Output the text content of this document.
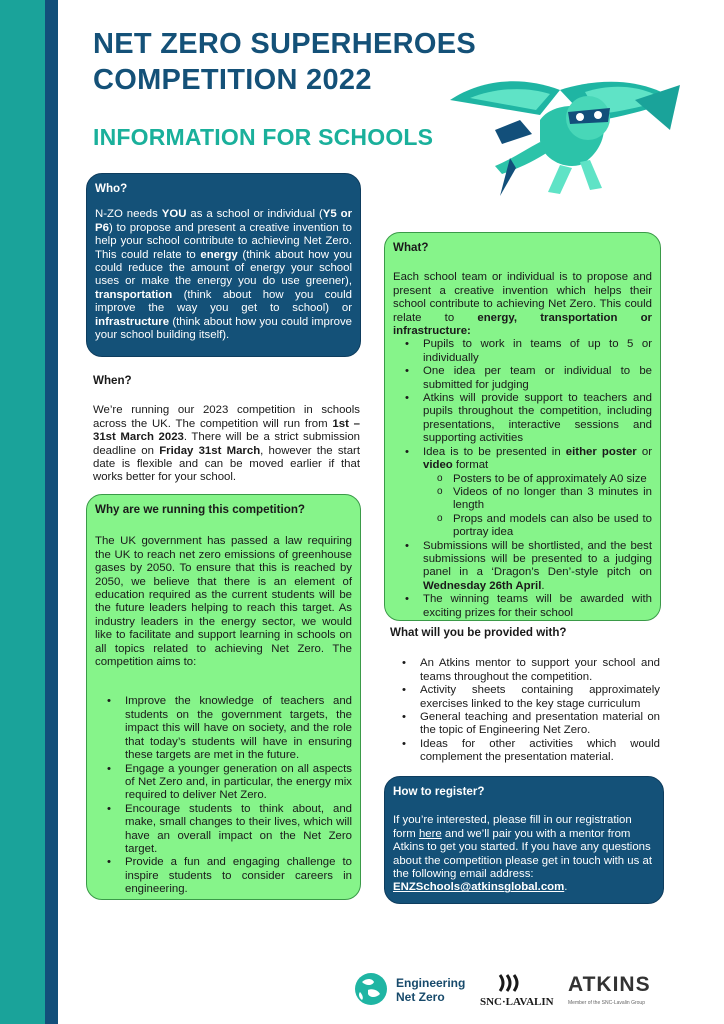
NET ZERO SUPERHEROES
COMPETITION 2022
INFORMATION FOR SCHOOLS
Who?

N-ZO needs YOU as a school or individual (Y5 or P6) to propose and present a creative invention to help your school contribute to achieving Net Zero. This could relate to energy (think about how you could reduce the amount of energy your school uses or make the energy you do use greener), transportation (think about how you could improve the way you get to school) or infrastructure (think about how you could improve your school building itself).

When?

We’re running our 2023 competition in schools across the UK. The competition will run from 1st – 31st March 2023. There will be a strict submission deadline on Friday 31st March, however the start date is flexible and can be moved earlier if that works better for your school.

Why are we running this competition?

The UK government has passed a law requiring the UK to reach net zero emissions of greenhouse gases by 2050. To ensure that this is reached by 2050, we believe that there is an element of education required as the current students will be the future leaders helping to reach this target. As industry leaders in the energy sector, we would like to facilitate and support learning in schools on all topics related to achieving Net Zero. The competition aims to:

• Improve the knowledge of teachers and students on the government targets, the impact this will have on society, and the role that today’s students will have in ensuring these targets are met in the future.
• Engage a younger generation on all aspects of Net Zero and, in particular, the energy mix required to deliver Net Zero.
• Encourage students to think about, and make, small changes to their lives, which will have an overall impact on the Net Zero target.
• Provide a fun and engaging challenge to inspire students to consider careers in engineering.
What?

Each school team or individual is to propose and present a creative invention which helps their school contribute to achieving Net Zero. This could relate to energy, transportation or infrastructure:

• Pupils to work in teams of up to 5 or individually
• One idea per team or individual to be submitted for judging
• Atkins will provide support to teachers and pupils throughout the competition, including presentations, interactive sessions and supporting activities
• Idea is to be presented in either poster or video format
o Posters to be of approximately A0 size
o Videos of no longer than 3 minutes in length
o Props and models can also be used to portray idea
• Submissions will be shortlisted, and the best submissions will be presented to a judging panel in a ‘Dragon’s Den’-style pitch on Wednesday 26th April.
• The winning teams will be awarded with exciting prizes for their school
What will you be provided with?
• An Atkins mentor to support your school and teams throughout the competition.
• Activity sheets containing approximately exercises linked to the key stage curriculum
• General teaching and presentation material on the topic of Engineering Net Zero.
• Ideas for other activities which would complement the presentation material.
How to register?

If you’re interested, please fill in our registration form here and we’ll pair you with a mentor from Atkins to get you started. If you have any questions about the competition please get in touch with us at the following email address: ENZSchools@atkinsglobal.com.

Engineering
Net Zero	SNC·LAVALIN
ATKINS
Member of the SNC-Lavalin Group
